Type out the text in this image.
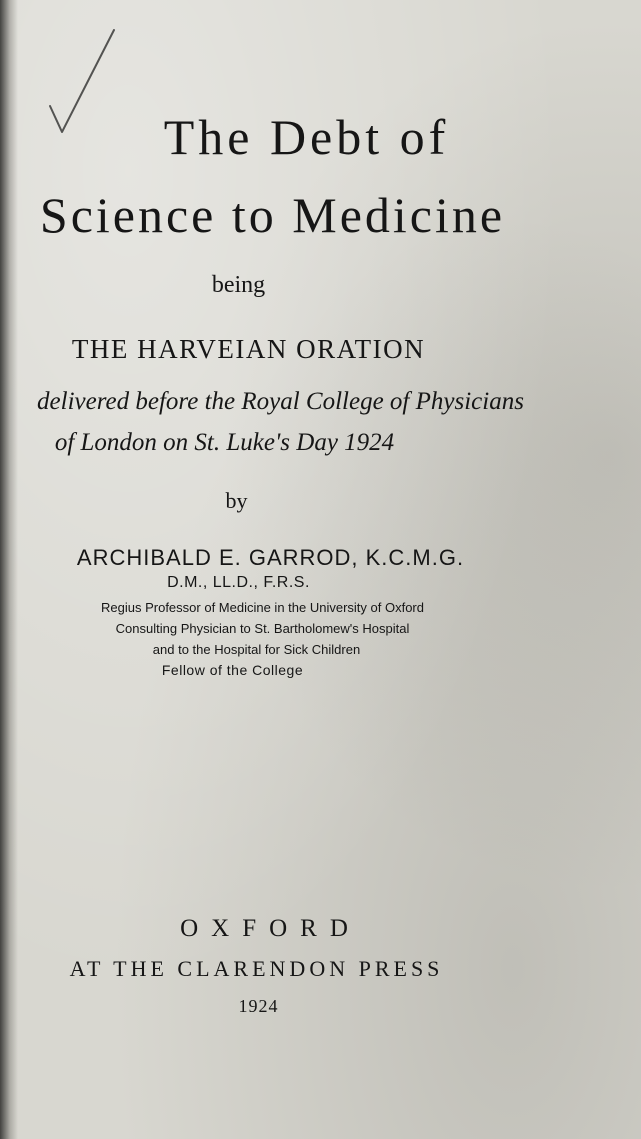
The Debt of
Science to Medicine
being
THE HARVEIAN ORATION
delivered before the Royal College of Physicians
of London on St. Luke's Day 1924
by
ARCHIBALD E. GARROD, K.C.M.G.
D.M., LL.D., F.R.S.
Regius Professor of Medicine in the University of Oxford
Consulting Physician to St. Bartholomew's Hospital
and to the Hospital for Sick Children
Fellow of the College
OXFORD
AT THE CLARENDON PRESS
1924
